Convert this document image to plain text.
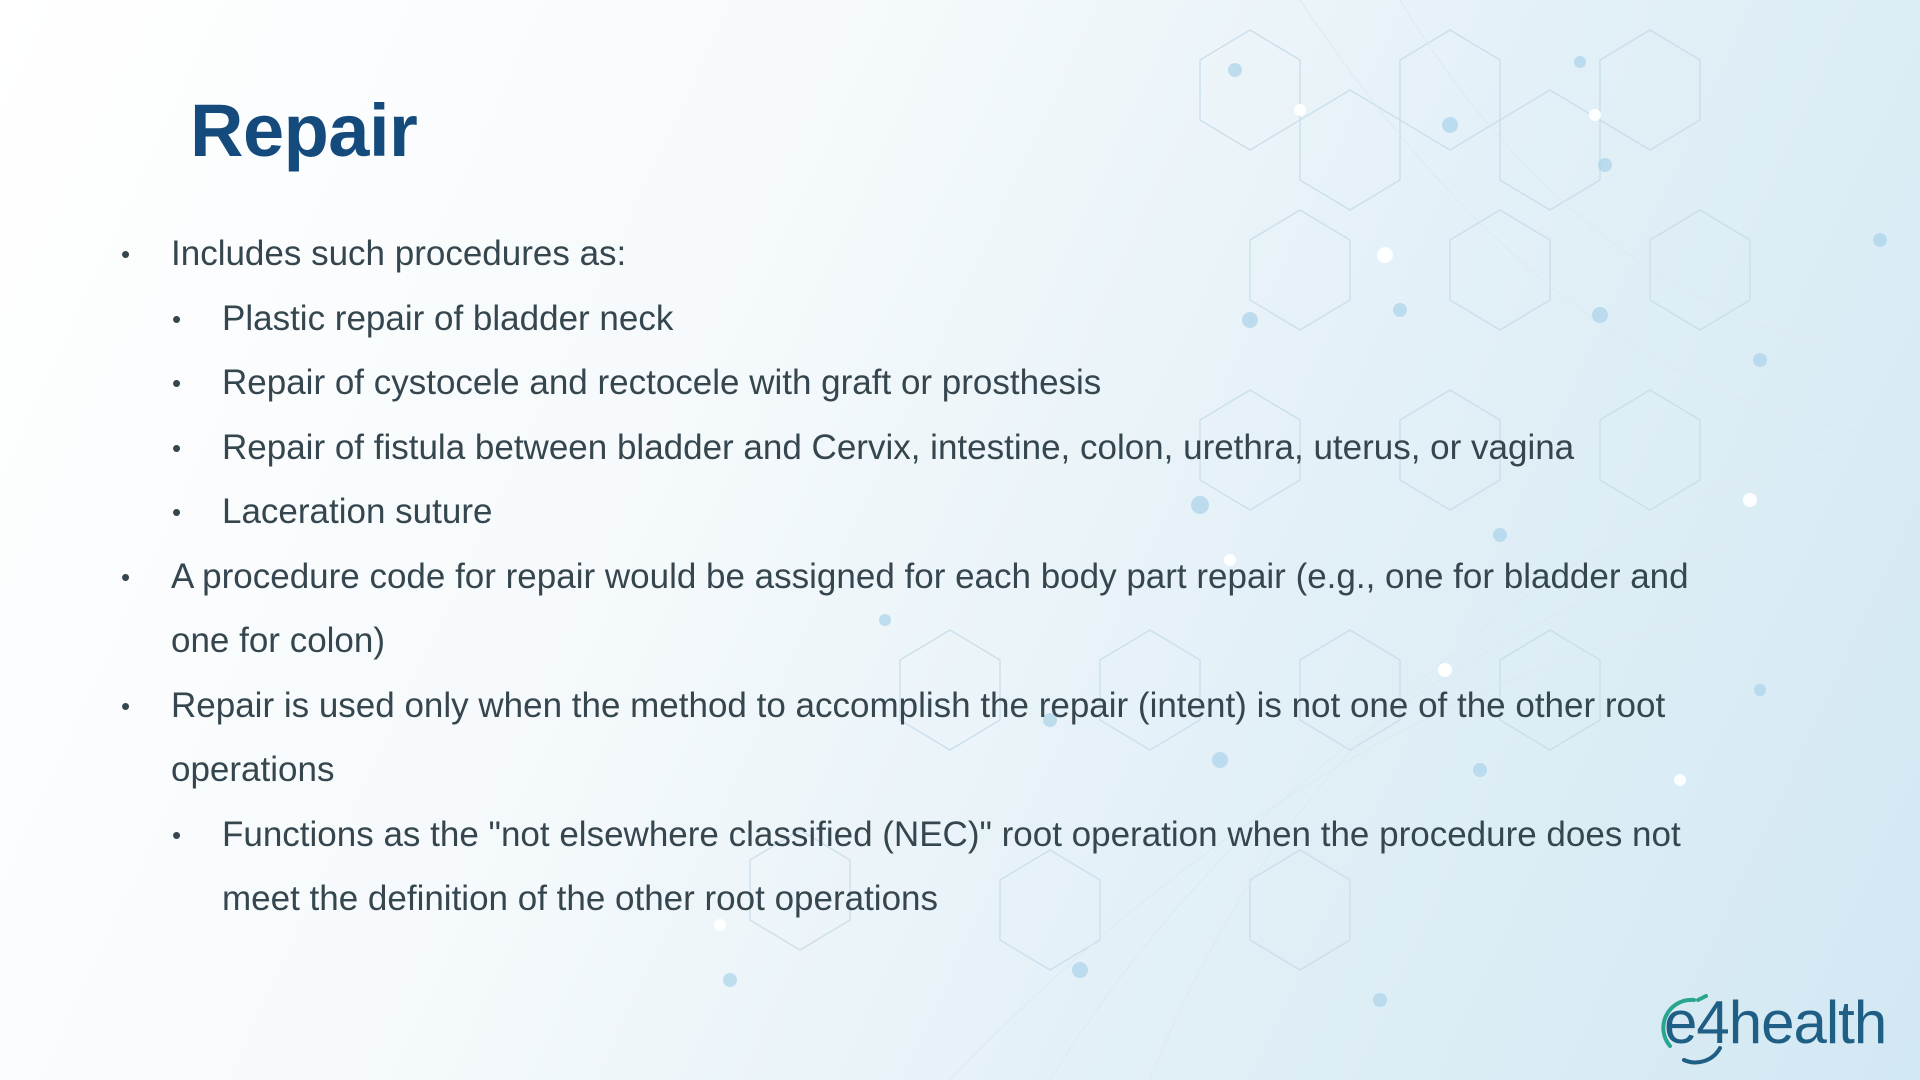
Repair
• Includes such procedures as:
• Plastic repair of bladder neck
• Repair of cystocele and rectocele with graft or prosthesis
• Repair of fistula between bladder and Cervix, intestine, colon, urethra, uterus, or vagina
• Laceration suture
• A procedure code for repair would be assigned for each body part repair (e.g., one for bladder and one for colon)
• Repair is used only when the method to accomplish the repair (intent) is not one of the other root operations
• Functions as the "not elsewhere classified (NEC)" root operation when the procedure does not meet the definition of the other root operations
e4health
